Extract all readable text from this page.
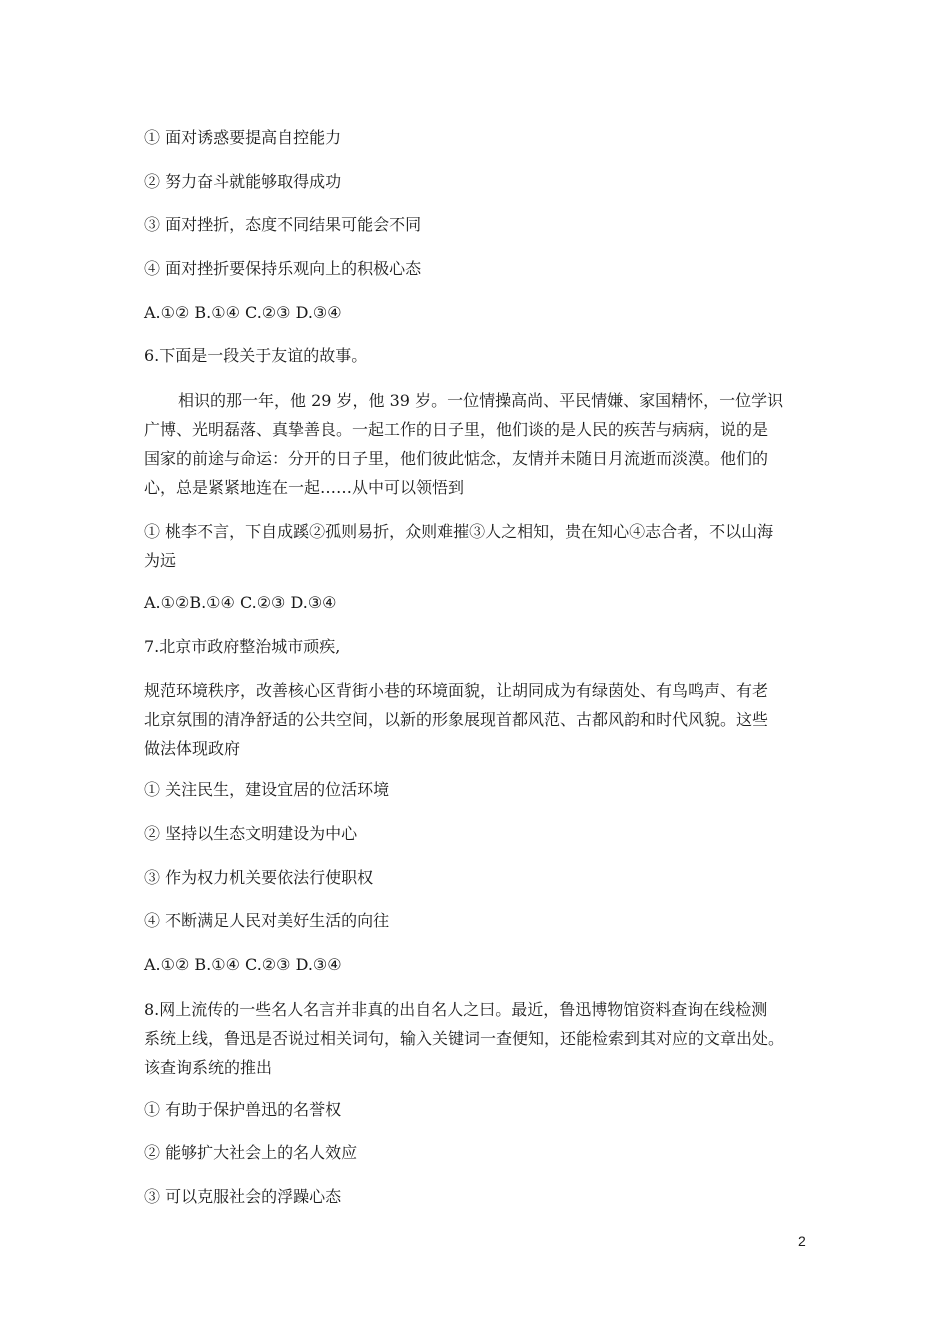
① 面对诱惑要提高自控能力
② 努力奋斗就能够取得成功
③ 面对挫折，态度不同结果可能会不同
④ 面对挫折要保持乐观向上的积极心态
A.①② B.①④ C.②③ D.③④
6.下面是一段关于友谊的故事。

相识的那一年，他 29 岁，他 39 岁。一位情操高尚、平民情嫌、家国精怀，一位学识

广博、光明磊落、真挚善良。一起工作的日子里，他们谈的是人民的疾苦与病病，说的是

国家的前途与命运：分开的日子里，他们彼此惦念，友情并未随日月流逝而淡漠。他们的

心，总是紧紧地连在一起……从中可以领悟到

① 桃李不言，下自成蹊②孤则易折，众则难摧③人之相知，贵在知心④志合者，不以山海

为远

A.①②B.①④ C.②③ D.③④
7.北京市政府整治城市顽疾,

规范环境秩序，改善核心区背街小巷的环境面貌，让胡同成为有绿茵处、有鸟鸣声、有老

北京氛围的清净舒适的公共空间，以新的形象展现首都风范、古都风韵和时代风貌。这些

做法体现政府

① 关注民生，建设宜居的位活环境
② 坚持以生态文明建设为中心
③ 作为权力机关要依法行使职权
④ 不断满足人民对美好生活的向往
A.①② B.①④ C.②③ D.③④

8.网上流传的一些名人名言并非真的出自名人之曰。最近，鲁迅博物馆资料查询在线检测

系统上线，鲁迅是否说过相关词句，输入关键词一查便知，还能检索到其对应的文章出处。

该查询系统的推出

① 有助于保护兽迅的名誉权
② 能够扩大社会上的名人效应
③ 可以克服社会的浮躁心态
2
